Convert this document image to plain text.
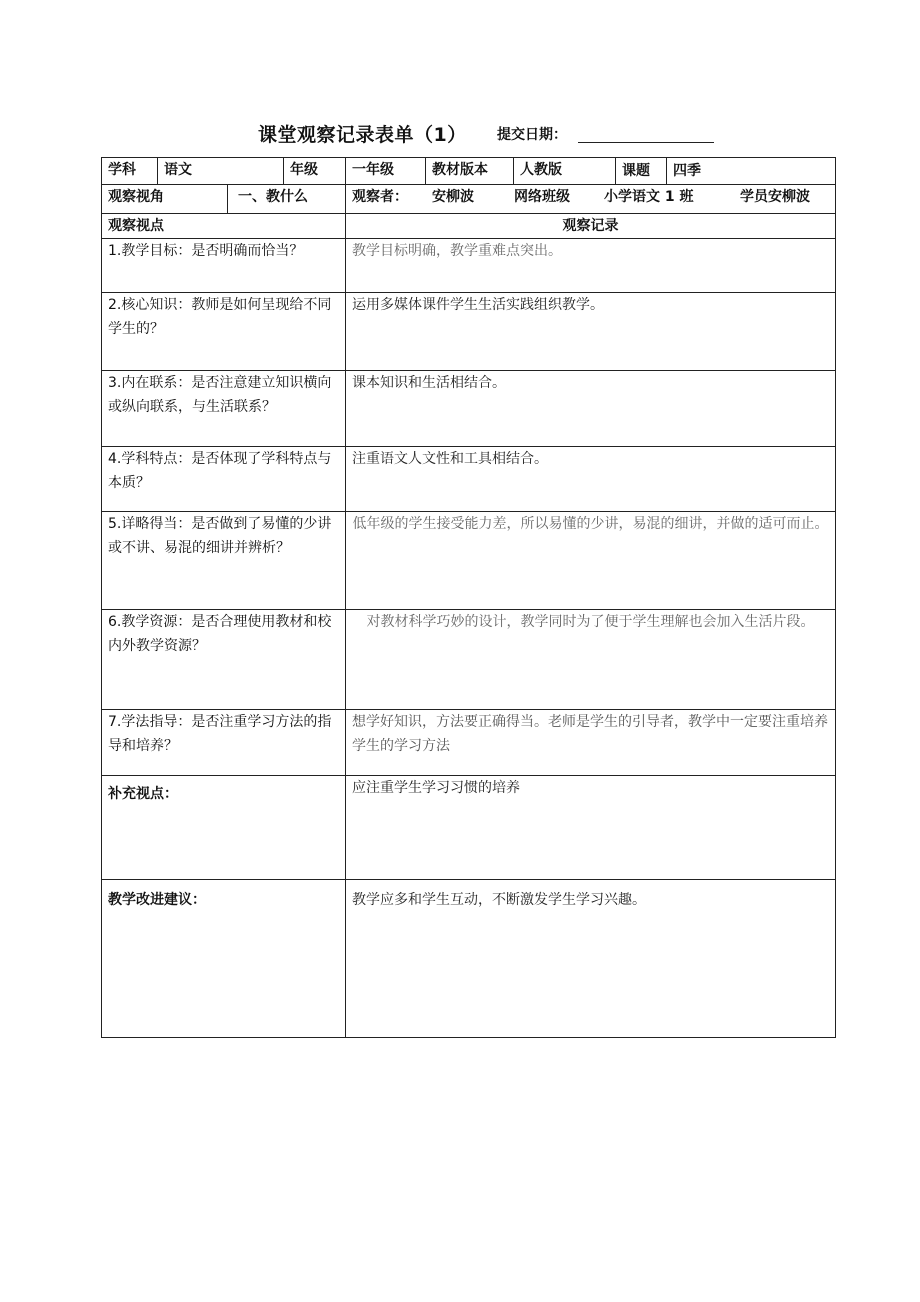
课堂观察记录表单（1） 提交日期：
学科	语文		年级	一年级	教材版本	人教版	课题 四季

观察视角		一、教什么		观察者： 安柳波 网络班级 小学语文 1 班 学员安柳波			
观察视点				观察记录			
1.教学目标：是否明确而恰当？				教学目标明确，教学重难点突出。			
2.核心知识：教师是如何呈现给不同学生的？				运用多媒体课件学生生活实践组织教学。			
3.内在联系：是否注意建立知识横向或纵向联系，与生活联系？				课本知识和生活相结合。			
4.学科特点：是否体现了学科特点与本质？				注重语文人文性和工具相结合。			
5.详略得当：是否做到了易懂的少讲或不讲、易混的细讲并辨析？				低年级的学生接受能力差，所以易懂的少讲，易混的细讲，并做的适可而止。			
6.教学资源：是否合理使用教材和校内外教学资源？				对教材科学巧妙的设计，教学同时为了便于学生理解也会加入生活片段。			
7.学法指导：是否注重学习方法的指导和培养？				想学好知识，方法要正确得当。老师是学生的引导者，教学中一定要注重培养学生的学习方法			
补充视点：				应注重学生学习习惯的培养			
教学改进建议：				教学应多和学生互动，不断激发学生学习兴趣。			
